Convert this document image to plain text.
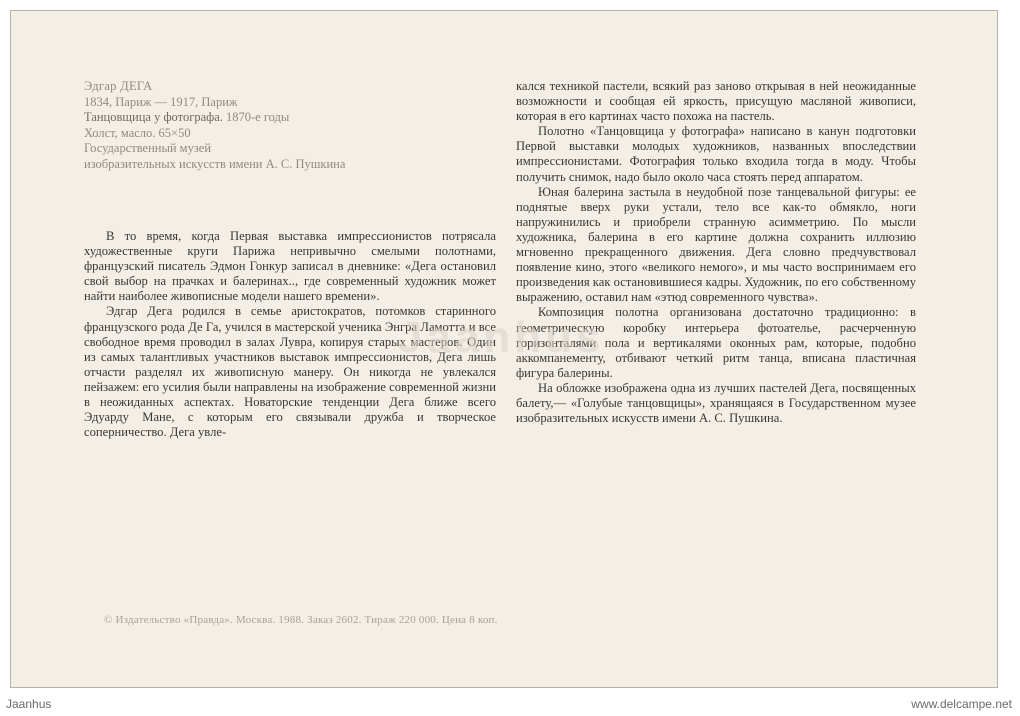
Эдгар ДЕГА
1834, Париж — 1917, Париж
Танцовщица у фотографа. 1870-е годы
Холст, масло. 65×50
Государственный музей
изобразительных искусств имени А. С. Пушкина

В то время, когда Первая выставка импрессионистов потрясала художественные круги Парижа непривычно смелыми полотнами, французский писатель Эдмон Гонкур записал в дневнике: «Дега остановил свой выбор на прачках и балеринах.., где современный художник может найти наиболее живописные модели нашего времени».

Эдгар Дега родился в семье аристократов, потомков старинного французского рода Де Га, учился в мастерской ученика Энгра Ламотта и все свободное время проводил в залах Лувра, копируя старых мастеров. Один из самых талантливых участников выставок импрессионистов, Дега лишь отчасти разделял их живописную манеру. Он никогда не увлекался пейзажем: его усилия были направлены на изображение современной жизни в неожиданных аспектах. Новаторские тенденции Дега ближе всего Эдуарду Мане, с которым его связывали дружба и творческое соперничество. Дега увле-

кался техникой пастели, всякий раз заново открывая в ней неожиданные возможности и сообщая ей яркость, присущую масляной живописи, которая в его картинах часто похожа на пастель.

Полотно «Танцовщица у фотографа» написано в канун подготовки Первой выставки молодых художников, названных впоследствии импрессионистами. Фотография только входила тогда в моду. Чтобы получить снимок, надо было около часа стоять перед аппаратом.

Юная балерина застыла в неудобной позе танцевальной фигуры: ее поднятые вверх руки устали, тело все как-то обмякло, ноги напружинились и приобрели странную асимметрию. По мысли художника, балерина в его картине должна сохранить иллюзию мгновенно прекращенного движения. Дега словно предчувствовал появление кино, этого «великого немого», и мы часто воспринимаем его произведения как остановившиеся кадры. Художник, по его собственному выражению, оставил нам «этюд современного чувства».

Композиция полотна организована достаточно традиционно: в геометрическую коробку интерьера фотоателье, расчерченную горизонталями пола и вертикалями оконных рам, которые, подобно аккомпанементу, отбивают четкий ритм танца, вписана пластичная фигура балерины.

На обложке изображена одна из лучших пастелей Дега, посвященных балету,— «Голубые танцовщицы», хранящаяся в Государственном музее изобразительных искусств имени А. С. Пушкина.

Jaanhus
© Издательство «Правда». Москва. 1988. Заказ 2602. Тираж 220 000. Цена 8 коп.
Jaanhus	www.delcampe.net
